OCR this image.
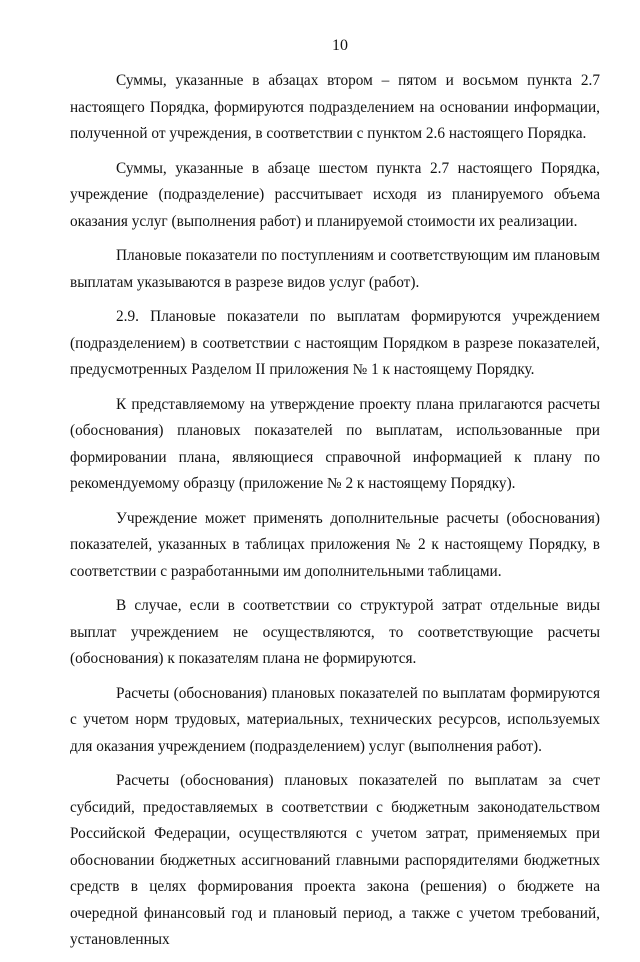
10

Суммы, указанные в абзацах втором – пятом и восьмом пункта 2.7 настоящего Порядка, формируются подразделением на основании информации, полученной от учреждения, в соответствии с пунктом 2.6 настоящего Порядка.

Суммы, указанные в абзаце шестом пункта 2.7 настоящего Порядка, учреждение (подразделение) рассчитывает исходя из планируемого объема оказания услуг (выполнения работ) и планируемой стоимости их реализации.

Плановые показатели по поступлениям и соответствующим им плановым выплатам указываются в разрезе видов услуг (работ).

2.9. Плановые показатели по выплатам формируются учреждением (подразделением) в соответствии с настоящим Порядком в разрезе показателей, предусмотренных Разделом II приложения № 1 к настоящему Порядку.

К представляемому на утверждение проекту плана прилагаются расчеты (обоснования) плановых показателей по выплатам, использованные при формировании плана, являющиеся справочной информацией к плану по рекомендуемому образцу (приложение № 2 к настоящему Порядку).

Учреждение может применять дополнительные расчеты (обоснования) показателей, указанных в таблицах приложения № 2 к настоящему Порядку, в соответствии с разработанными им дополнительными таблицами.

В случае, если в соответствии со структурой затрат отдельные виды выплат учреждением не осуществляются, то соответствующие расчеты (обоснования) к показателям плана не формируются.

Расчеты (обоснования) плановых показателей по выплатам формируются с учетом норм трудовых, материальных, технических ресурсов, используемых для оказания учреждением (подразделением) услуг (выполнения работ).

Расчеты (обоснования) плановых показателей по выплатам за счет субсидий, предоставляемых в соответствии с бюджетным законодательством Российской Федерации, осуществляются с учетом затрат, применяемых при обосновании бюджетных ассигнований главными распорядителями бюджетных средств в целях формирования проекта закона (решения) о бюджете на очередной финансовый год и плановый период, а также с учетом требований, установленных
